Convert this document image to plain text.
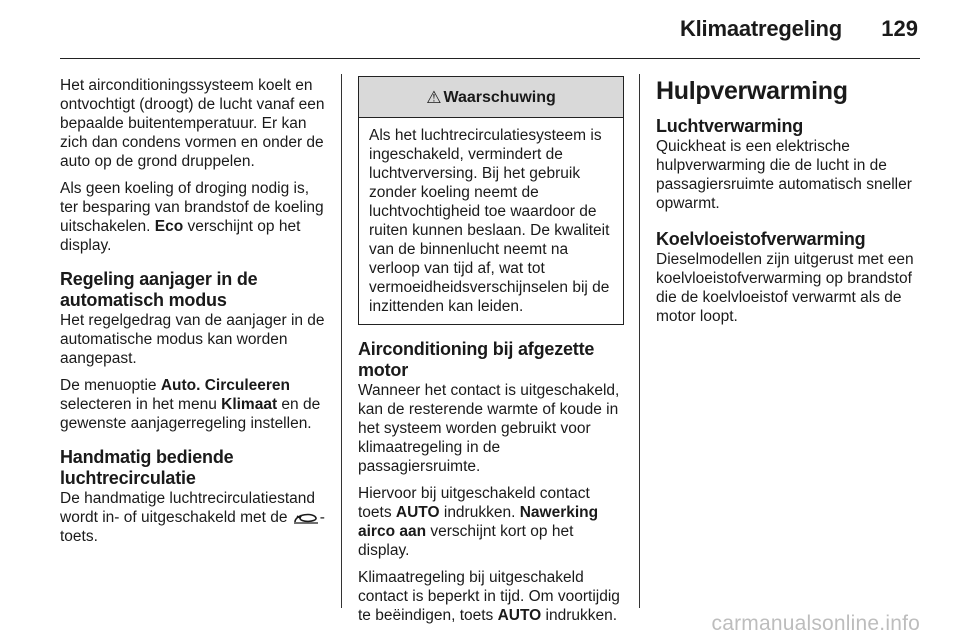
Klimaatregeling 129

Het airconditioningssysteem koelt en ontvochtigt (droogt) de lucht vanaf een bepaalde buitentemperatuur. Er kan zich dan condens vormen en onder de auto op de grond druppelen.

Als geen koeling of droging nodig is, ter besparing van brandstof de koeling uitschakelen. Eco verschijnt op het display.

Regeling aanjager in de automatisch modus

Het regelgedrag van de aanjager in de automatische modus kan worden aangepast.

De menuoptie Auto. Circuleeren selecteren in het menu Klimaat en de gewenste aanjagerregeling instellen.

Handmatig bediende luchtrecirculatie

De handmatige luchtrecirculatiestand wordt in- of uitgeschakeld met de -toets.

⚠ Waarschuwing
Als het luchtrecirculatiesysteem is ingeschakeld, vermindert de luchtverversing. Bij het gebruik zonder koeling neemt de luchtvochtigheid toe waardoor de ruiten kunnen beslaan. De kwaliteit van de binnenlucht neemt na verloop van tijd af, wat tot vermoeidheidsverschijnselen bij de inzittenden kan leiden.
Airconditioning bij afgezette motor

Wanneer het contact is uitgeschakeld, kan de resterende warmte of koude in het systeem worden gebruikt voor klimaatregeling in de passagiersruimte.

Hiervoor bij uitgeschakeld contact toets AUTO indrukken. Nawerking airco aan verschijnt kort op het display.

Klimaatregeling bij uitgeschakeld contact is beperkt in tijd. Om voortijdig te beëindigen, toets AUTO indrukken.

Hulpverwarming
Luchtverwarming

Quickheat is een elektrische hulpverwarming die de lucht in de passagiersruimte automatisch sneller opwarmt.

Koelvloeistofverwarming

Dieselmodellen zijn uitgerust met een koelvloeistofverwarming op brandstof die de koelvloeistof verwarmt als de motor loopt.

carmanualsonline.info
